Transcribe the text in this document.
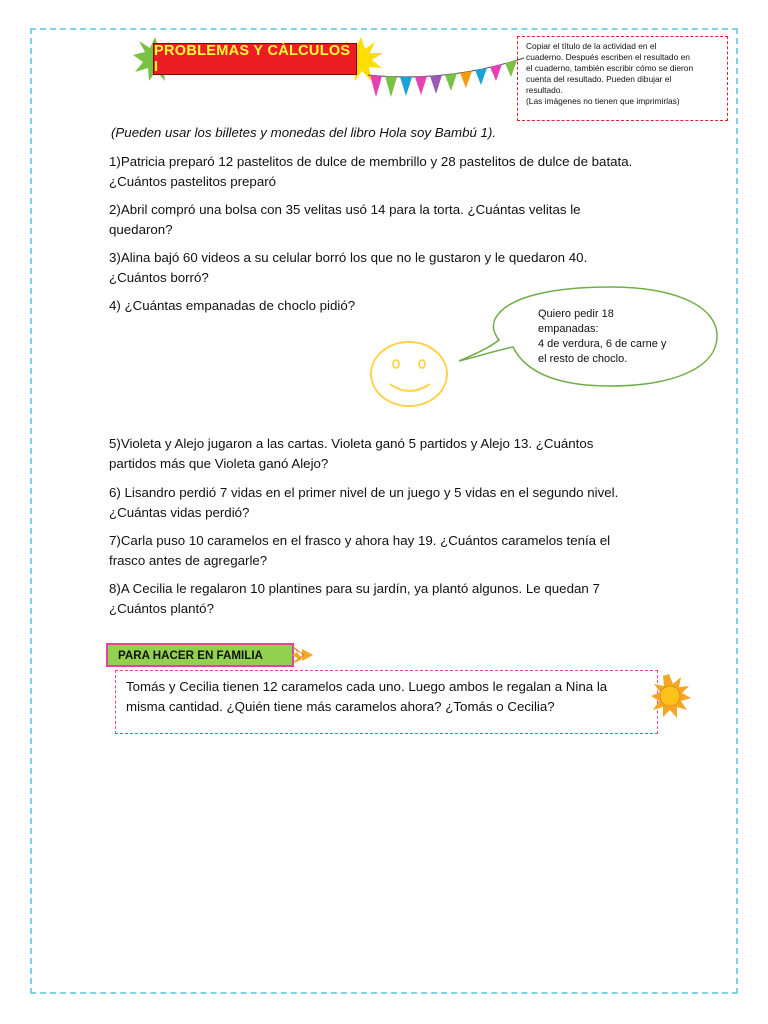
PROBLEMAS Y CÁLCULOS I
Copiar el título de la actividad en el
cuaderno. Después escriben el resultado en
el cuaderno, también escribir cómo se dieron
cuenta del resultado. Pueden dibujar el
resultado.
(Las imágenes no tienen que imprimirlas)
(Pueden usar los billetes y monedas del libro Hola soy Bambú 1).
1)Patricia preparó 12 pastelitos de dulce de membrillo y 28 pastelitos de dulce de batata.
¿Cuántos pastelitos preparó
2)Abril compró una bolsa con 35 velitas usó 14 para la torta. ¿Cuántas velitas le
quedaron?
3)Alina bajó 60 videos a su celular borró los que no le gustaron y le quedaron 40.
¿Cuántos borró?
4) ¿Cuántas empanadas de choclo pidió?
Quiero pedir 18
empanadas:
4 de verdura, 6 de carne y
el resto de choclo.
5)Violeta y Alejo jugaron a las cartas. Violeta ganó 5 partidos y Alejo 13. ¿Cuántos
partidos más que Violeta ganó Alejo?
6) Lisandro perdió 7 vidas en el primer nivel de un juego y 5 vidas en el segundo nivel.
¿Cuántas vidas perdió?
7)Carla puso 10 caramelos en el frasco y ahora hay 19. ¿Cuántos caramelos tenía el
frasco antes de agregarle?
8)A Cecilia le regalaron 10 plantines para su jardín, ya plantó algunos. Le quedan 7
¿Cuántos plantó?
PARA HACER EN FAMILIA
Tomás y Cecilia tienen 12 caramelos cada uno. Luego ambos le regalan a Nina la
misma cantidad. ¿Quién tiene más caramelos ahora? ¿Tomás o Cecilia?
